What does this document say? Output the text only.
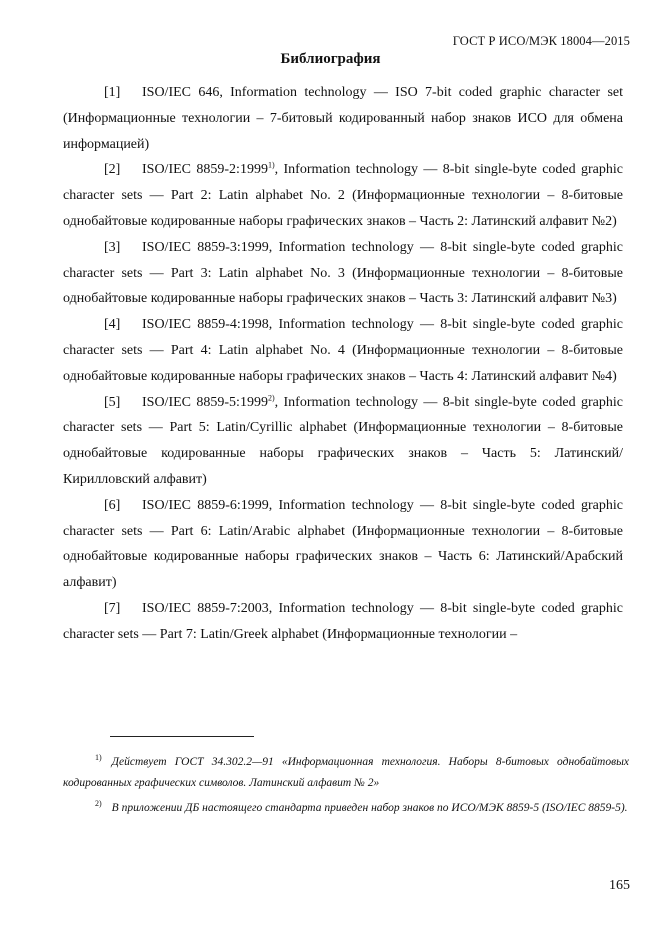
ГОСТ Р ИСО/МЭК 18004—2015
Библиография

[1] ISO/IEC 646, Information technology — ISO 7-bit coded graphic character set (Информационные технологии – 7-битовый кодированный набор знаков ИСО для обмена информацией)

[2] ISO/IEC 8859-2:1999$^{1)}$, Information technology — 8-bit single-byte coded graphic character sets — Part 2: Latin alphabet No. 2 (Информационные технологии – 8-битовые однобайтовые кодированные наборы графических знаков – Часть 2: Латинский алфавит №2)

[3] ISO/IEC 8859-3:1999, Information technology — 8-bit single-byte coded graphic character sets — Part 3: Latin alphabet No. 3 (Информационные технологии – 8-битовые однобайтовые кодированные наборы графических знаков – Часть 3: Латинский алфавит №3)

[4] ISO/IEC 8859-4:1998, Information technology — 8-bit single-byte coded graphic character sets — Part 4: Latin alphabet No. 4 (Информационные технологии – 8-битовые однобайтовые кодированные наборы графических знаков – Часть 4: Латинский алфавит №4)

[5] ISO/IEC 8859-5:1999$^{2)}$, Information technology — 8-bit single-byte coded graphic character sets — Part 5: Latin/Cyrillic alphabet (Информационные технологии – 8-битовые однобайтовые кодированные наборы графических знаков – Часть 5: Латинский/Кирилловский алфавит)

[6] ISO/IEC 8859-6:1999, Information technology — 8-bit single-byte coded graphic character sets — Part 6: Latin/Arabic alphabet (Информационные технологии – 8-битовые однобайтовые кодированные наборы графических знаков – Часть 6: Латинский/Арабский алфавит)

[7] ISO/IEC 8859-7:2003, Information technology — 8-bit single-byte coded graphic character sets — Part 7: Latin/Greek alphabet (Информационные технологии –

$^{1)}$ Действует ГОСТ 34.302.2—91 «Информационная технология. Наборы 8-битовых однобайтовых кодированных графических символов. Латинский алфавит № 2»

$^{2)}$ В приложении ДБ настоящего стандарта приведен набор знаков по ИСО/МЭК 8859-5 (ISO/IEC 8859-5).

165
